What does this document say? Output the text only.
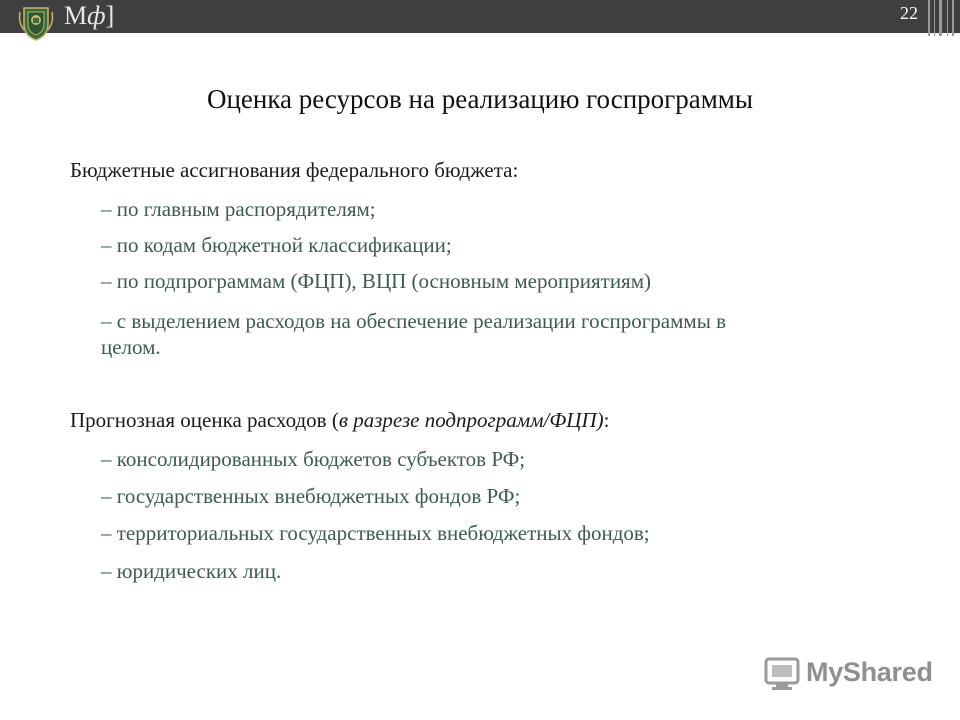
Мф]	22
Оценка ресурсов на реализацию госпрограммы
Бюджетные ассигнования федерального бюджета:
– по главным распорядителям;
– по кодам бюджетной классификации;
– по подпрограммам (ФЦП), ВЦП (основным мероприятиям)
– с выделением расходов на обеспечение реализации госпрограммы в
целом.
Прогнозная оценка расходов (в разрезе подпрограмм/ФЦП):
– консолидированных бюджетов субъектов РФ;
– государственных внебюджетных фондов РФ;
– территориальных государственных внебюджетных фондов;
– юридических лиц.
MyShared
